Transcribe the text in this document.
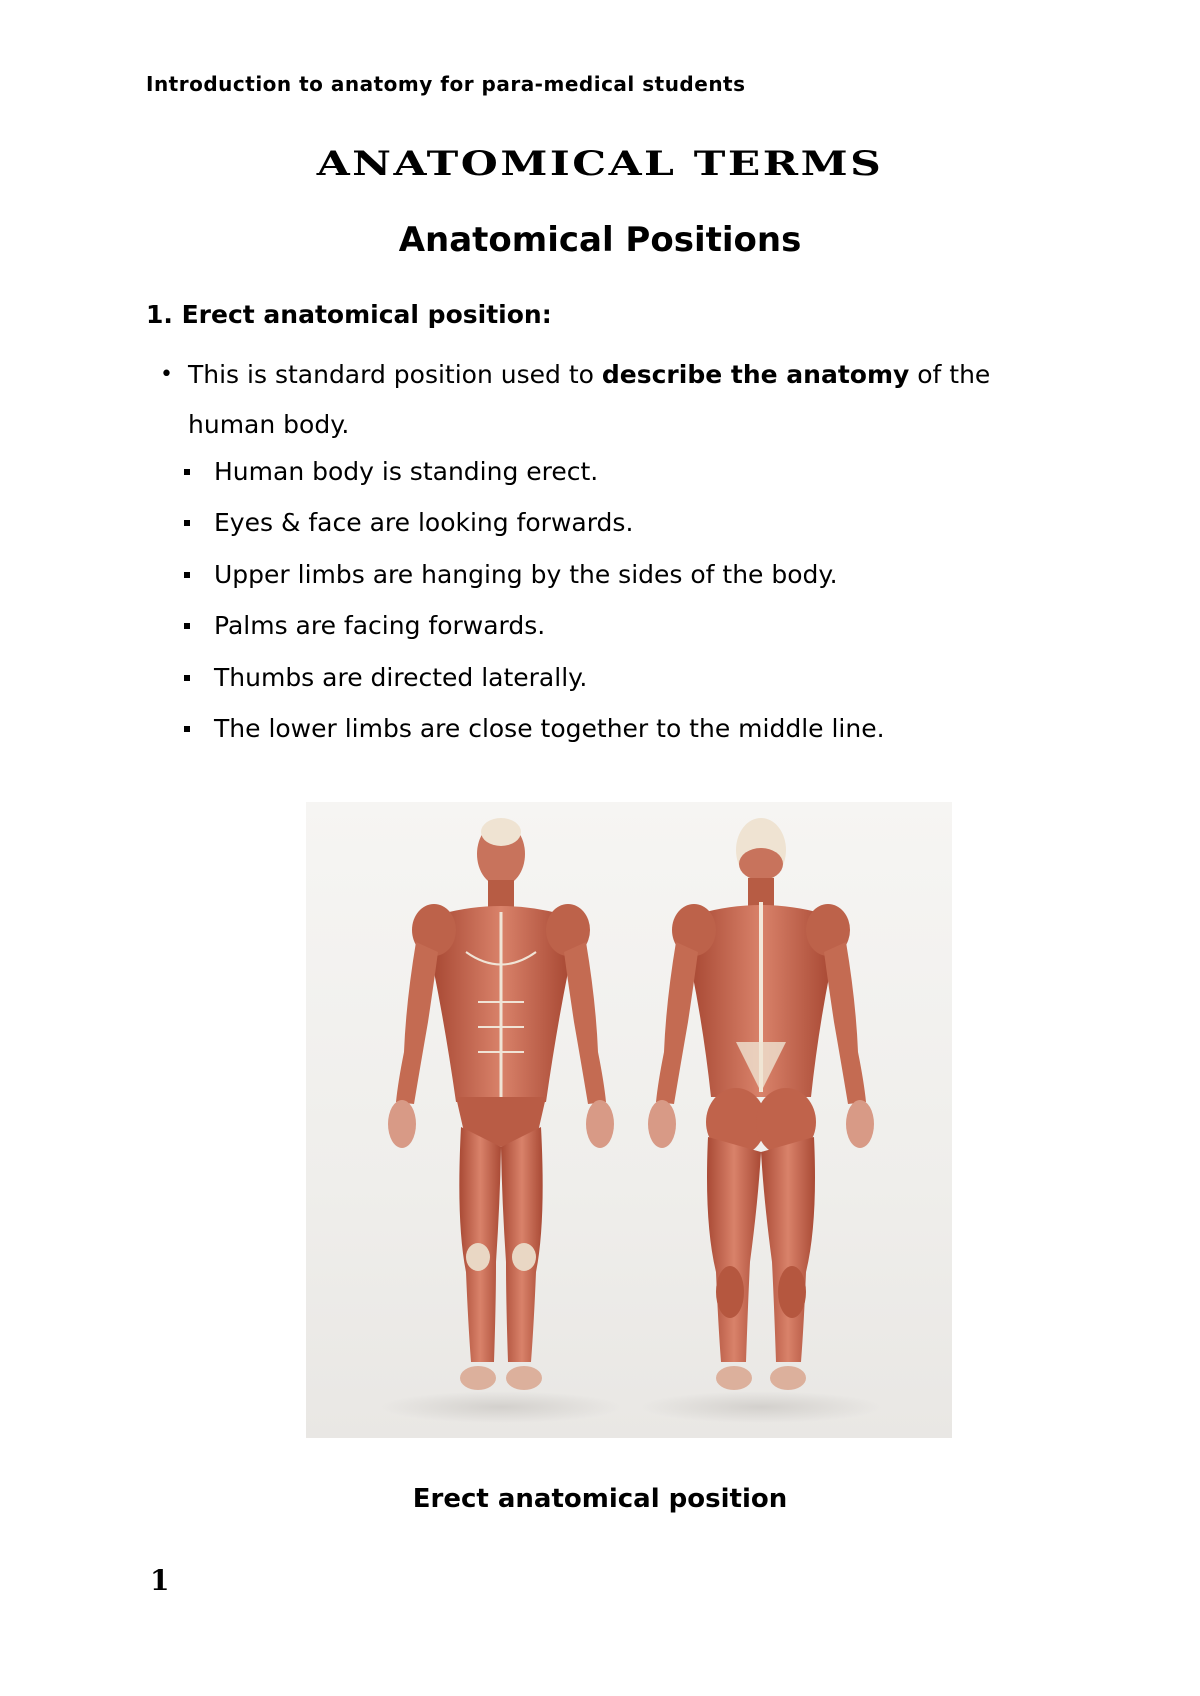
Introduction to anatomy for para-medical students
ANATOMICAL TERMS
Anatomical Positions
1. Erect anatomical position:
• This is standard position used to describe the anatomy of the human body.
Human body is standing erect.
Eyes & face are looking forwards.
Upper limbs are hanging by the sides of the body.
Palms are facing forwards.
Thumbs are directed laterally.
The lower limbs are close together to the middle line.
Erect anatomical position
1
